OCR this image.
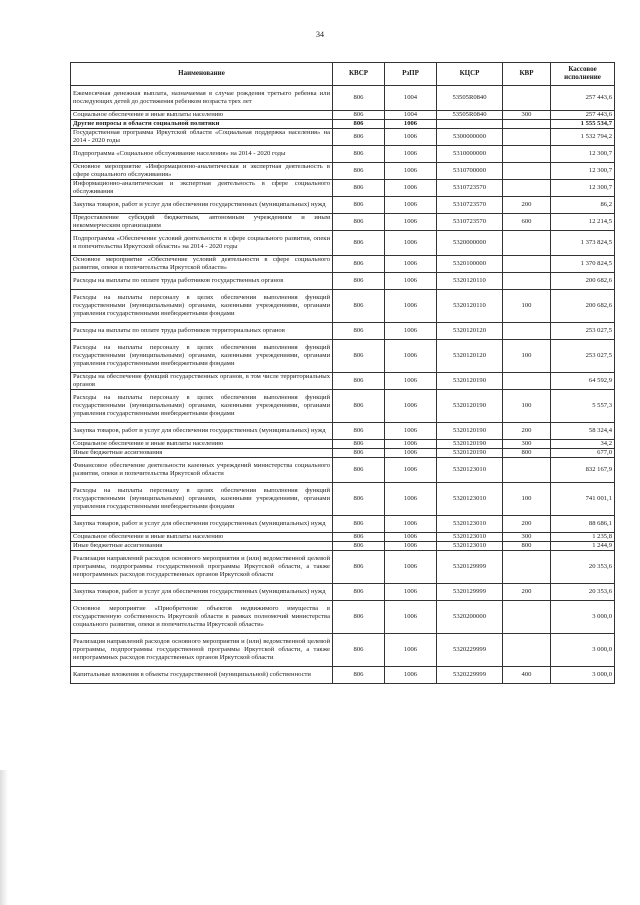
34
Наименование	КВСР	РзПР	КЦСР	КВР	Кассовое исполнение
Ежемесячная денежная выплата, назначаемая в случае рождения третьего ребенка или последующих детей до достижения ребенком возраста трех лет	806	1004	53505R0840		257 443,6
Социальное обеспечение и иные выплаты населению	806	1004	53505R0840	300	257 443,6
Другие вопросы в области социальной политики	806	1006			1 555 534,7
Государственная программа Иркутской области «Социальная поддержка населения» на 2014 - 2020 годы	806	1006	5300000000		1 532 794,2
Подпрограмма «Социальное обслуживание населения» на 2014 - 2020 годы	806	1006	5310000000		12 300,7
Основное мероприятие «Информационно-аналитическая и экспертная деятельность в сфере социального обслуживания»	806	1006	5310700000		12 300,7
Информационно-аналитическая и экспертная деятельность в сфере социального обслуживания	806	1006	5310723570		12 300,7
Закупка товаров, работ и услуг для обеспечения государственных (муниципальных) нужд	806	1006	5310723570	200	86,2
Предоставление субсидий бюджетным, автономным учреждениям и иным некоммерческим организациям	806	1006	5310723570	600	12 214,5
Подпрограмма «Обеспечение условий деятельности в сфере социального развития, опеки и попечительства Иркутской области» на 2014 - 2020 годы	806	1006	5320000000		1 373 824,5
Основное мероприятие «Обеспечение условий деятельности в сфере социального развития, опеки и попечительства Иркутской области»	806	1006	5320100000		1 370 824,5
Расходы на выплаты по оплате труда работников государственных органов	806	1006	5320120110		200 682,6
Расходы на выплаты персоналу в целях обеспечения выполнения функций государственными (муниципальными) органами, казенными учреждениями, органами управления государственными внебюджетными фондами	806	1006	5320120110	100	200 682,6
Расходы на выплаты по оплате труда работников территориальных органов	806	1006	5320120120		253 027,5
Расходы на выплаты персоналу в целях обеспечения выполнения функций государственными (муниципальными) органами, казенными учреждениями, органами управления государственными внебюджетными фондами	806	1006	5320120120	100	253 027,5
Расходы на обеспечение функций государственных органов, в том числе территориальных органов	806	1006	5320120190		64 592,9
Расходы на выплаты персоналу в целях обеспечения выполнения функций государственными (муниципальными) органами, казенными учреждениями, органами управления государственными внебюджетными фондами	806	1006	5320120190	100	5 557,3
Закупка товаров, работ и услуг для обеспечения государственных (муниципальных) нужд	806	1006	5320120190	200	58 324,4
Социальное обеспечение и иные выплаты населению	806	1006	5320120190	300	34,2
Иные бюджетные ассигнования	806	1006	5320120190	800	677,0
Финансовое обеспечение деятельности казенных учреждений министерства социального развития, опеки и попечительства Иркутской области	806	1006	5320123010		832 167,9
Расходы на выплаты персоналу в целях обеспечения выполнения функций государственными (муниципальными) органами, казенными учреждениями, органами управления государственными внебюджетными фондами	806	1006	5320123010	100	741 001,1
Закупка товаров, работ и услуг для обеспечения государственных (муниципальных) нужд	806	1006	5320123010	200	88 686,1
Социальное обеспечение и иные выплаты населению	806	1006	5320123010	300	1 235,8
Иные бюджетные ассигнования	806	1006	5320123010	800	1 244,9
Реализация направлений расходов основного мероприятия и (или) ведомственной целевой программы, подпрограммы государственной программы Иркутской области, а также непрограммных расходов государственных органов Иркутской области	806	1006	5320129999		20 353,6
Закупка товаров, работ и услуг для обеспечения государственных (муниципальных) нужд	806	1006	5320129999	200	20 353,6
Основное мероприятие «Приобретение объектов недвижимого имущества в государственную собственность Иркутской области в рамках полномочий министерства социального развития, опеки и попечительства Иркутской области»	806	1006	5320200000		3 000,0
Реализация направлений расходов основного мероприятия и (или) ведомственной целевой программы, подпрограммы государственной программы Иркутской области, а также непрограммных расходов государственных органов Иркутской области	806	1006	5320229999		3 000,0
Капитальные вложения в объекты государственной (муниципальной) собственности	806	1006	5320229999	400	3 000,0
